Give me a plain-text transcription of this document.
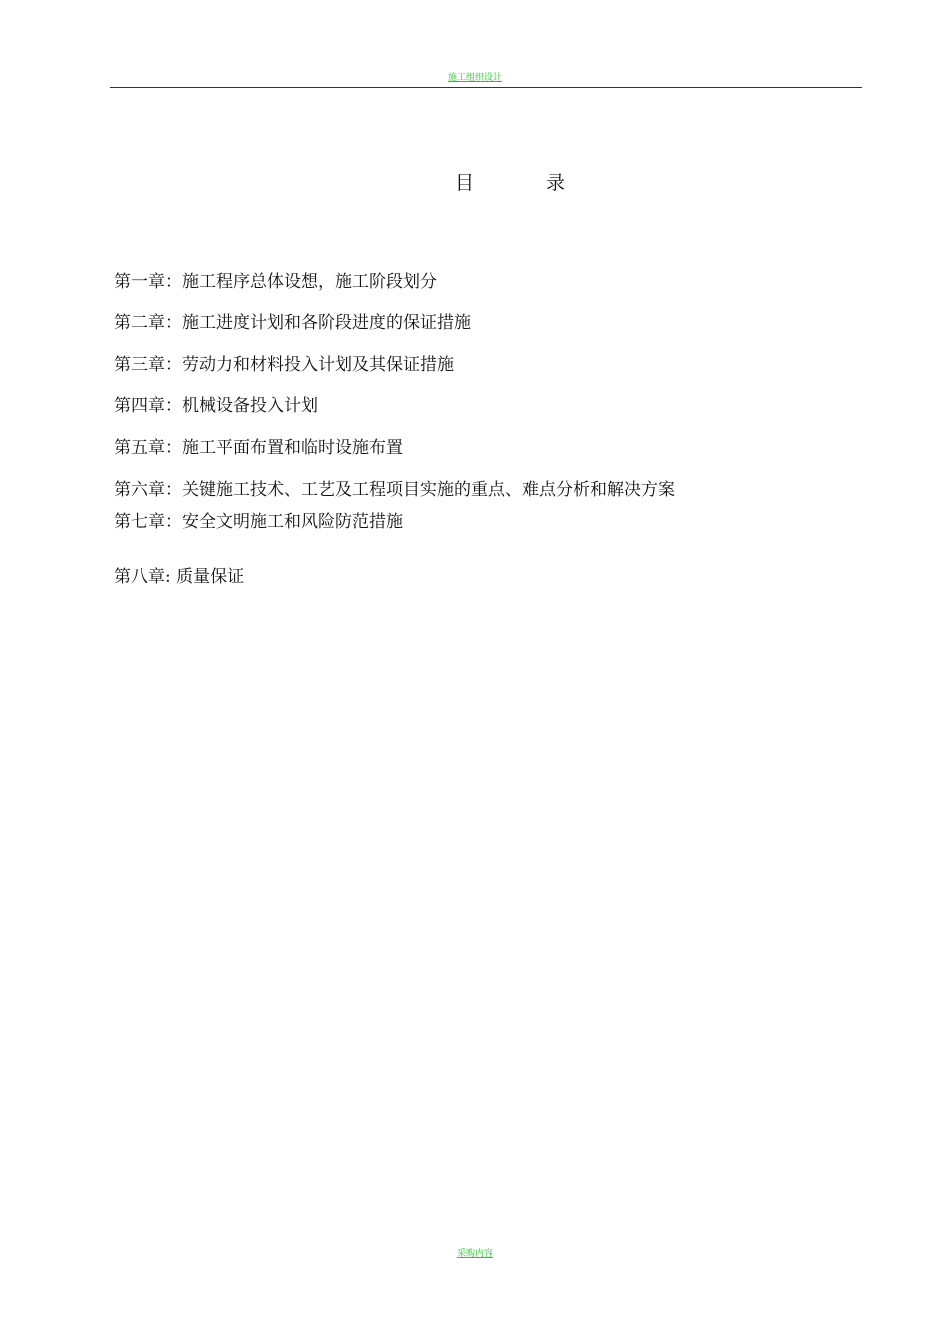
施工组织设计
目	录
第一章：施工程序总体设想，施工阶段划分
第二章：施工进度计划和各阶段进度的保证措施
第三章：劳动力和材料投入计划及其保证措施
第四章：机械设备投入计划
第五章：施工平面布置和临时设施布置
第六章：关键施工技术、工艺及工程项目实施的重点、难点分析和解决方案
第七章：安全文明施工和风险防范措施
第八章: 质量保证
采购内容
